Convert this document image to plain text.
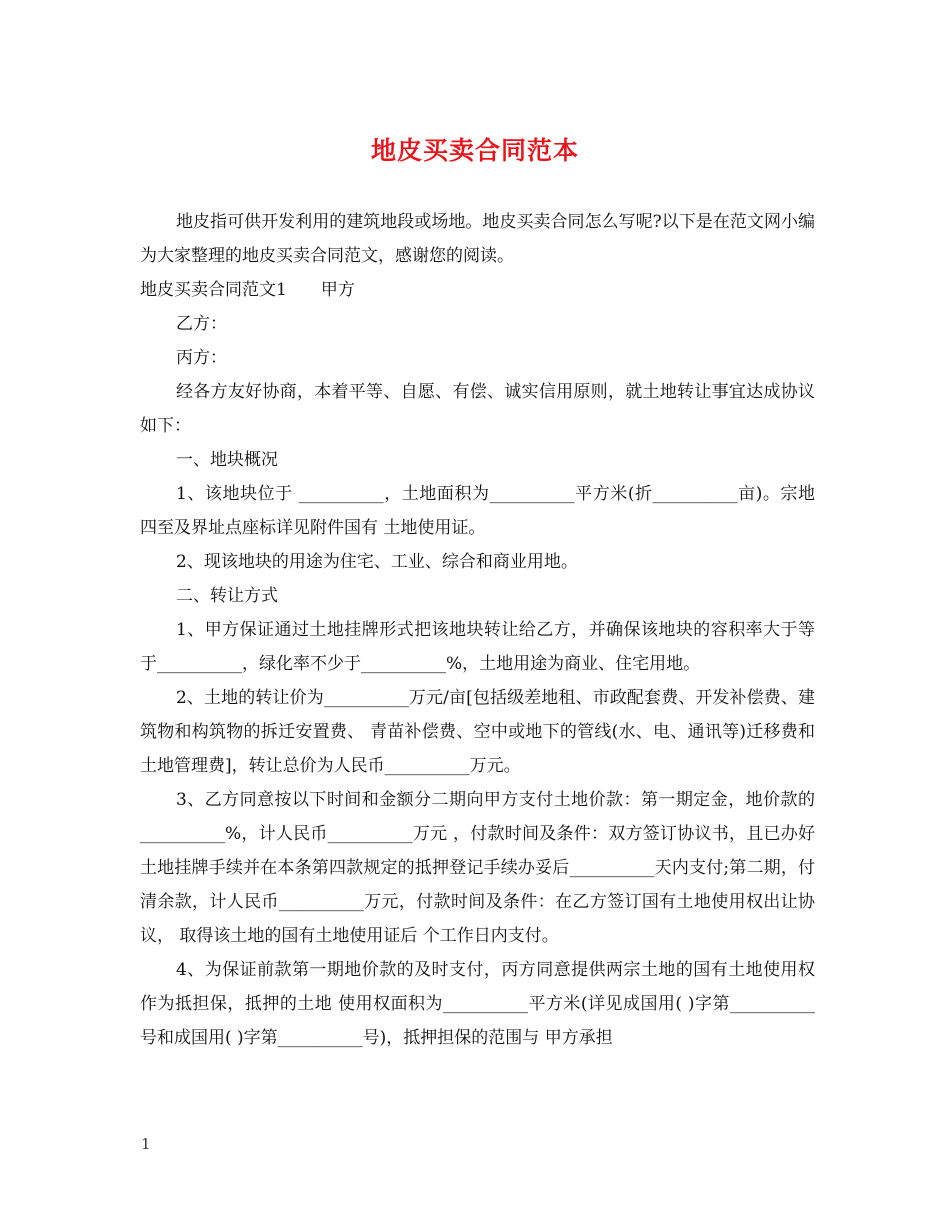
地皮买卖合同范本

地皮指可供开发利用的建筑地段或场地。地皮买卖合同怎么写呢?以下是在范文网小编为大家整理的地皮买卖合同范文，感谢您的阅读。

地皮买卖合同范文1　　甲方

乙方：

丙方：

经各方友好协商，本着平等、自愿、有偿、诚实信用原则，就土地转让事宜达成协议如下：

一、地块概况

1、该地块位于 __________，土地面积为__________平方米(折__________亩)。宗地四至及界址点座标详见附件国有 土地使用证。

2、现该地块的用途为住宅、工业、综合和商业用地。

二、转让方式

1、甲方保证通过土地挂牌形式把该地块转让给乙方，并确保该地块的容积率大于等于__________，绿化率不少于__________%，土地用途为商业、住宅用地。

2、土地的转让价为__________万元/亩[包括级差地租、市政配套费、开发补偿费、建筑物和构筑物的拆迁安置费、 青苗补偿费、空中或地下的管线(水、电、通讯等)迁移费和土地管理费]，转让总价为人民币__________万元。

3、乙方同意按以下时间和金额分二期向甲方支付土地价款：第一期定金，地价款的__________%，计人民币__________万元 ，付款时间及条件：双方签订协议书，且已办好土地挂牌手续并在本条第四款规定的抵押登记手续办妥后__________天内支付;第二期，付清余款，计人民币__________万元，付款时间及条件：在乙方签订国有土地使用权出让协议， 取得该土地的国有土地使用证后 个工作日内支付。

4、为保证前款第一期地价款的及时支付，丙方同意提供两宗土地的国有土地使用权作为抵担保，抵押的土地 使用权面积为__________平方米(详见成国用( )字第__________号和成国用( )字第__________号)，抵押担保的范围与 甲方承担

1
